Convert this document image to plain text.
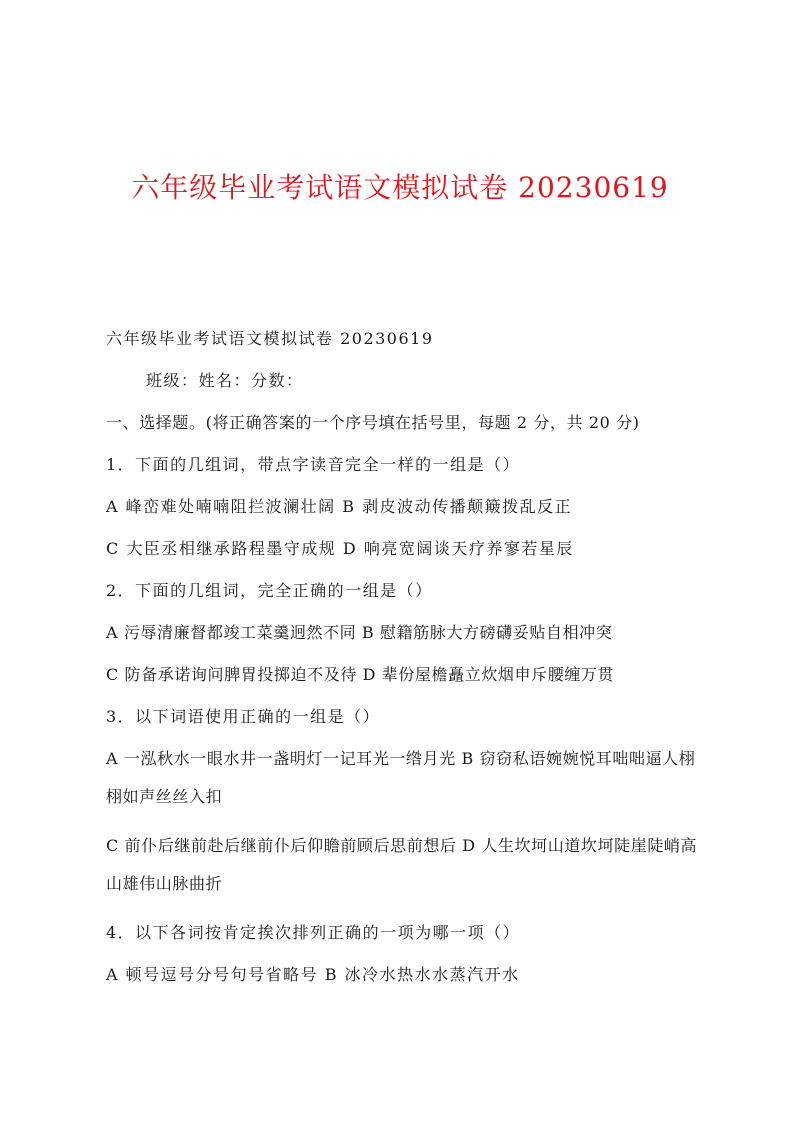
六年级毕业考试语文模拟试卷 20230619
六年级毕业考试语文模拟试卷 20230619
班级：姓名：分数：
一、选择题。(将正确答案的一个序号填在括号里，每题 2 分，共 20 分)
1．下面的几组词，带点字读音完全一样的一组是（）
A 峰峦难处喃喃阻拦波澜壮阔 B 剥皮波动传播颠簸拨乱反正
C 大臣丞相继承路程墨守成规 D 响亮宽阔谈天疗养寥若星辰
2．下面的几组词，完全正确的一组是（）
A 污辱清廉督都竣工菜羹迥然不同 B 慰籍筋脉大方磅礴妥贴自相冲突
C 防备承诺询问脾胃投掷迫不及待 D 辈份屋檐矗立炊烟申斥腰缠万贯
3．以下词语使用正确的一组是（）
A 一泓秋水一眼水井一盏明灯一记耳光一绺月光 B 窃窃私语婉婉悦耳咄咄逼人栩栩如声丝丝入扣
C 前仆后继前赴后继前仆后仰瞻前顾后思前想后 D 人生坎坷山道坎坷陡崖陡峭高山雄伟山脉曲折
4．以下各词按肯定挨次排列正确的一项为哪一项（）
A 顿号逗号分号句号省略号 B 冰冷水热水水蒸汽开水
